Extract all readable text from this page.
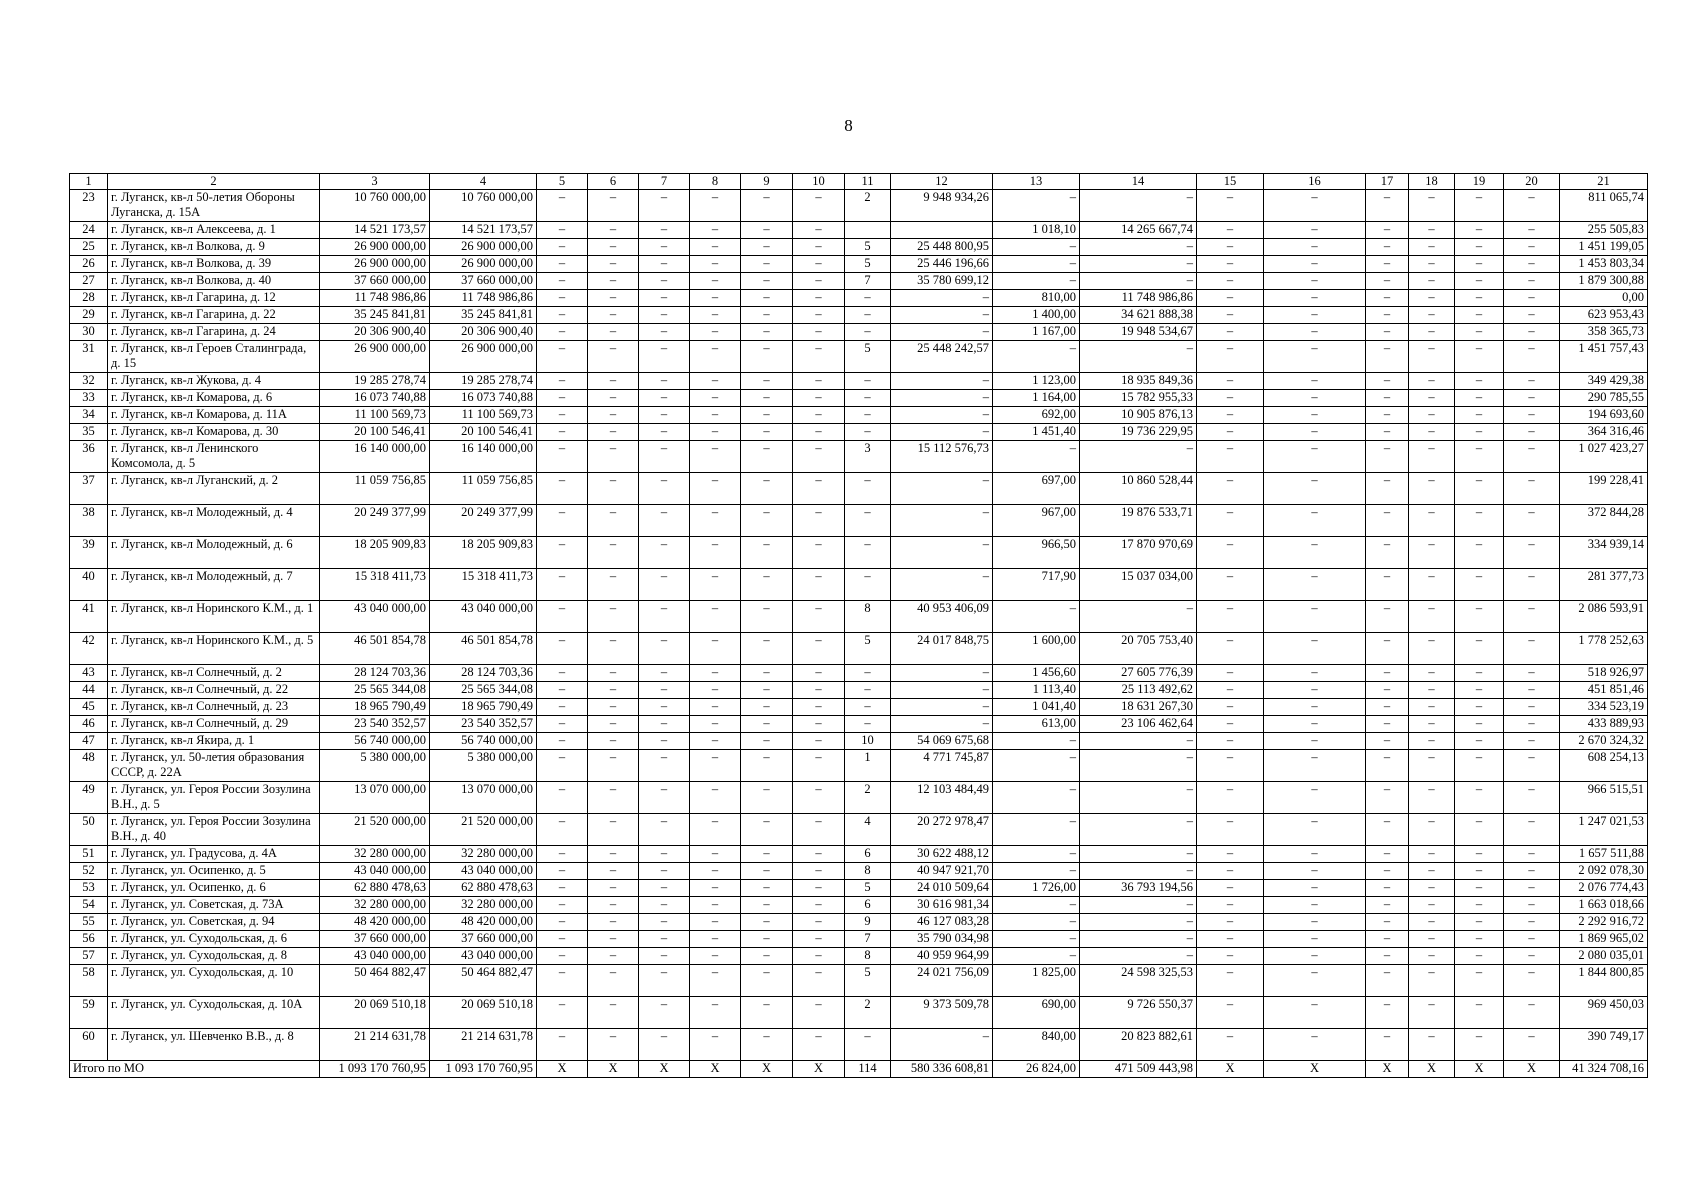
8
1	2	3	4	5	6	7	8	9	10	11	12	13	14	15	16	17	18	19	20	21
23	г. Луганск, кв-л 50-летия Обороны Луганска, д. 15А	10 760 000,00	10 760 000,00	–	–	–	–	–	–	2	9 948 934,26	–	–	–	–	–	–	–	–	811 065,74
24	г. Луганск, кв-л Алексеева, д. 1	14 521 173,57	14 521 173,57	–	–	–	–	–	–			1 018,10	14 265 667,74	–	–	–	–	–	–	255 505,83
25	г. Луганск, кв-л Волкова, д. 9	26 900 000,00	26 900 000,00	–	–	–	–	–	–	5	25 448 800,95	–	–	–	–	–	–	–	–	1 451 199,05
26	г. Луганск, кв-л Волкова, д. 39	26 900 000,00	26 900 000,00	–	–	–	–	–	–	5	25 446 196,66	–	–	–	–	–	–	–	–	1 453 803,34
27	г. Луганск, кв-л Волкова, д. 40	37 660 000,00	37 660 000,00	–	–	–	–	–	–	7	35 780 699,12	–	–	–	–	–	–	–	–	1 879 300,88
28	г. Луганск, кв-л Гагарина, д. 12	11 748 986,86	11 748 986,86	–	–	–	–	–	–	–	–	810,00	11 748 986,86	–	–	–	–	–	–	0,00
29	г. Луганск, кв-л Гагарина, д. 22	35 245 841,81	35 245 841,81	–	–	–	–	–	–	–	–	1 400,00	34 621 888,38	–	–	–	–	–	–	623 953,43
30	г. Луганск, кв-л Гагарина, д. 24	20 306 900,40	20 306 900,40	–	–	–	–	–	–	–	–	1 167,00	19 948 534,67	–	–	–	–	–	–	358 365,73
31	г. Луганск, кв-л Героев Сталинграда, д. 15	26 900 000,00	26 900 000,00	–	–	–	–	–	–	5	25 448 242,57	–	–	–	–	–	–	–	–	1 451 757,43
32	г. Луганск, кв-л Жукова, д. 4	19 285 278,74	19 285 278,74	–	–	–	–	–	–	–	–	1 123,00	18 935 849,36	–	–	–	–	–	–	349 429,38
33	г. Луганск, кв-л Комарова, д. 6	16 073 740,88	16 073 740,88	–	–	–	–	–	–	–	–	1 164,00	15 782 955,33	–	–	–	–	–	–	290 785,55
34	г. Луганск, кв-л Комарова, д. 11А	11 100 569,73	11 100 569,73	–	–	–	–	–	–	–	–	692,00	10 905 876,13	–	–	–	–	–	–	194 693,60
35	г. Луганск, кв-л Комарова, д. 30	20 100 546,41	20 100 546,41	–	–	–	–	–	–	–	–	1 451,40	19 736 229,95	–	–	–	–	–	–	364 316,46
36	г. Луганск, кв-л Ленинского Комсомола, д. 5	16 140 000,00	16 140 000,00	–	–	–	–	–	–	3	15 112 576,73	–	–	–	–	–	–	–	–	1 027 423,27
37	г. Луганск, кв-л Луганский, д. 2	11 059 756,85	11 059 756,85	–	–	–	–	–	–	–	–	697,00	10 860 528,44	–	–	–	–	–	–	199 228,41
38	г. Луганск, кв-л Молодежный, д. 4	20 249 377,99	20 249 377,99	–	–	–	–	–	–	–	–	967,00	19 876 533,71	–	–	–	–	–	–	372 844,28
39	г. Луганск, кв-л Молодежный, д. 6	18 205 909,83	18 205 909,83	–	–	–	–	–	–	–	–	966,50	17 870 970,69	–	–	–	–	–	–	334 939,14
40	г. Луганск, кв-л Молодежный, д. 7	15 318 411,73	15 318 411,73	–	–	–	–	–	–	–	–	717,90	15 037 034,00	–	–	–	–	–	–	281 377,73
41	г. Луганск, кв-л Норинского К.М., д. 1	43 040 000,00	43 040 000,00	–	–	–	–	–	–	8	40 953 406,09	–	–	–	–	–	–	–	–	2 086 593,91
42	г. Луганск, кв-л Норинского К.М., д. 5	46 501 854,78	46 501 854,78	–	–	–	–	–	–	5	24 017 848,75	1 600,00	20 705 753,40	–	–	–	–	–	–	1 778 252,63
43	г. Луганск, кв-л Солнечный, д. 2	28 124 703,36	28 124 703,36	–	–	–	–	–	–	–	–	1 456,60	27 605 776,39	–	–	–	–	–	–	518 926,97
44	г. Луганск, кв-л Солнечный, д. 22	25 565 344,08	25 565 344,08	–	–	–	–	–	–	–	–	1 113,40	25 113 492,62	–	–	–	–	–	–	451 851,46
45	г. Луганск, кв-л Солнечный, д. 23	18 965 790,49	18 965 790,49	–	–	–	–	–	–	–	–	1 041,40	18 631 267,30	–	–	–	–	–	–	334 523,19
46	г. Луганск, кв-л Солнечный, д. 29	23 540 352,57	23 540 352,57	–	–	–	–	–	–	–	–	613,00	23 106 462,64	–	–	–	–	–	–	433 889,93
47	г. Луганск, кв-л Якира, д. 1	56 740 000,00	56 740 000,00	–	–	–	–	–	–	10	54 069 675,68	–	–	–	–	–	–	–	–	2 670 324,32
48	г. Луганск, ул. 50-летия образования СССР, д. 22А	5 380 000,00	5 380 000,00	–	–	–	–	–	–	1	4 771 745,87	–	–	–	–	–	–	–	–	608 254,13
49	г. Луганск, ул. Героя России Зозулина В.Н., д. 5	13 070 000,00	13 070 000,00	–	–	–	–	–	–	2	12 103 484,49	–	–	–	–	–	–	–	–	966 515,51
50	г. Луганск, ул. Героя России Зозулина В.Н., д. 40	21 520 000,00	21 520 000,00	–	–	–	–	–	–	4	20 272 978,47	–	–	–	–	–	–	–	–	1 247 021,53
51	г. Луганск, ул. Градусова, д. 4А	32 280 000,00	32 280 000,00	–	–	–	–	–	–	6	30 622 488,12	–	–	–	–	–	–	–	–	1 657 511,88
52	г. Луганск, ул. Осипенко, д. 5	43 040 000,00	43 040 000,00	–	–	–	–	–	–	8	40 947 921,70	–	–	–	–	–	–	–	–	2 092 078,30
53	г. Луганск, ул. Осипенко, д. 6	62 880 478,63	62 880 478,63	–	–	–	–	–	–	5	24 010 509,64	1 726,00	36 793 194,56	–	–	–	–	–	–	2 076 774,43
54	г. Луганск, ул. Советская, д. 73А	32 280 000,00	32 280 000,00	–	–	–	–	–	–	6	30 616 981,34	–	–	–	–	–	–	–	–	1 663 018,66
55	г. Луганск, ул. Советская, д. 94	48 420 000,00	48 420 000,00	–	–	–	–	–	–	9	46 127 083,28	–	–	–	–	–	–	–	–	2 292 916,72
56	г. Луганск, ул. Суходольская, д. 6	37 660 000,00	37 660 000,00	–	–	–	–	–	–	7	35 790 034,98	–	–	–	–	–	–	–	–	1 869 965,02
57	г. Луганск, ул. Суходольская, д. 8	43 040 000,00	43 040 000,00	–	–	–	–	–	–	8	40 959 964,99	–	–	–	–	–	–	–	–	2 080 035,01
58	г. Луганск, ул. Суходольская, д. 10	50 464 882,47	50 464 882,47	–	–	–	–	–	–	5	24 021 756,09	1 825,00	24 598 325,53	–	–	–	–	–	–	1 844 800,85
59	г. Луганск, ул. Суходольская, д. 10А	20 069 510,18	20 069 510,18	–	–	–	–	–	–	2	9 373 509,78	690,00	9 726 550,37	–	–	–	–	–	–	969 450,03
60	г. Луганск, ул. Шевченко В.В., д. 8	21 214 631,78	21 214 631,78	–	–	–	–	–	–	–	–	840,00	20 823 882,61	–	–	–	–	–	–	390 749,17
Итого по МО		1 093 170 760,95	1 093 170 760,95	X	X	X	X	X	X	114	580 336 608,81	26 824,00	471 509 443,98	X	X	X	X	X	X	41 324 708,16
